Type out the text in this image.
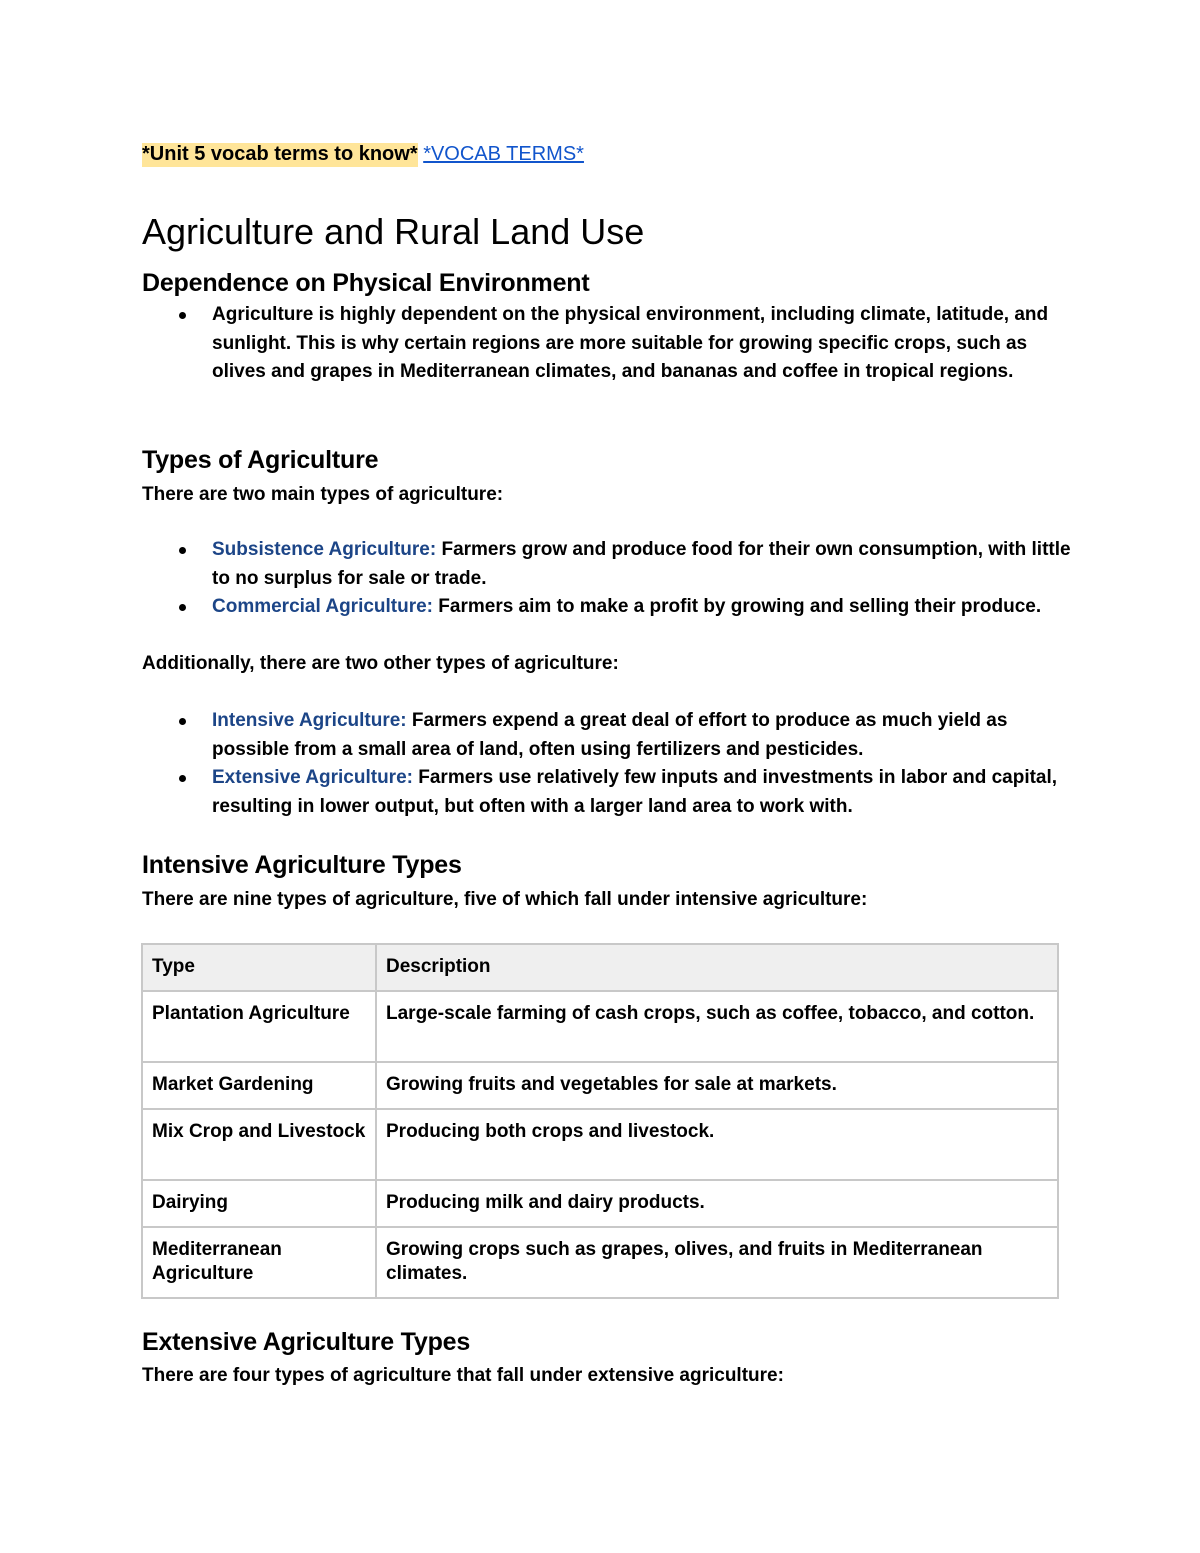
*Unit 5 vocab terms to know* *VOCAB TERMS*
Agriculture and Rural Land Use
Dependence on Physical Environment
Agriculture is highly dependent on the physical environment, including climate, latitude, and sunlight. This is why certain regions are more suitable for growing specific crops, such as olives and grapes in Mediterranean climates, and bananas and coffee in tropical regions.
Types of Agriculture

There are two main types of agriculture:

Subsistence Agriculture: Farmers grow and produce food for their own consumption, with little to no surplus for sale or trade.
Commercial Agriculture: Farmers aim to make a profit by growing and selling their produce.

Additionally, there are two other types of agriculture:

Intensive Agriculture: Farmers expend a great deal of effort to produce as much yield as possible from a small area of land, often using fertilizers and pesticides.
Extensive Agriculture: Farmers use relatively few inputs and investments in labor and capital, resulting in lower output, but often with a larger land area to work with.
Intensive Agriculture Types

There are nine types of agriculture, five of which fall under intensive agriculture:

Type	Description
Plantation Agriculture	Large-scale farming of cash crops, such as coffee, tobacco, and cotton.
Market Gardening	Growing fruits and vegetables for sale at markets.
Mix Crop and Livestock	Producing both crops and livestock.
Dairying	Producing milk and dairy products.
Mediterranean Agriculture	Growing crops such as grapes, olives, and fruits in Mediterranean climates.
Extensive Agriculture Types

There are four types of agriculture that fall under extensive agriculture:
